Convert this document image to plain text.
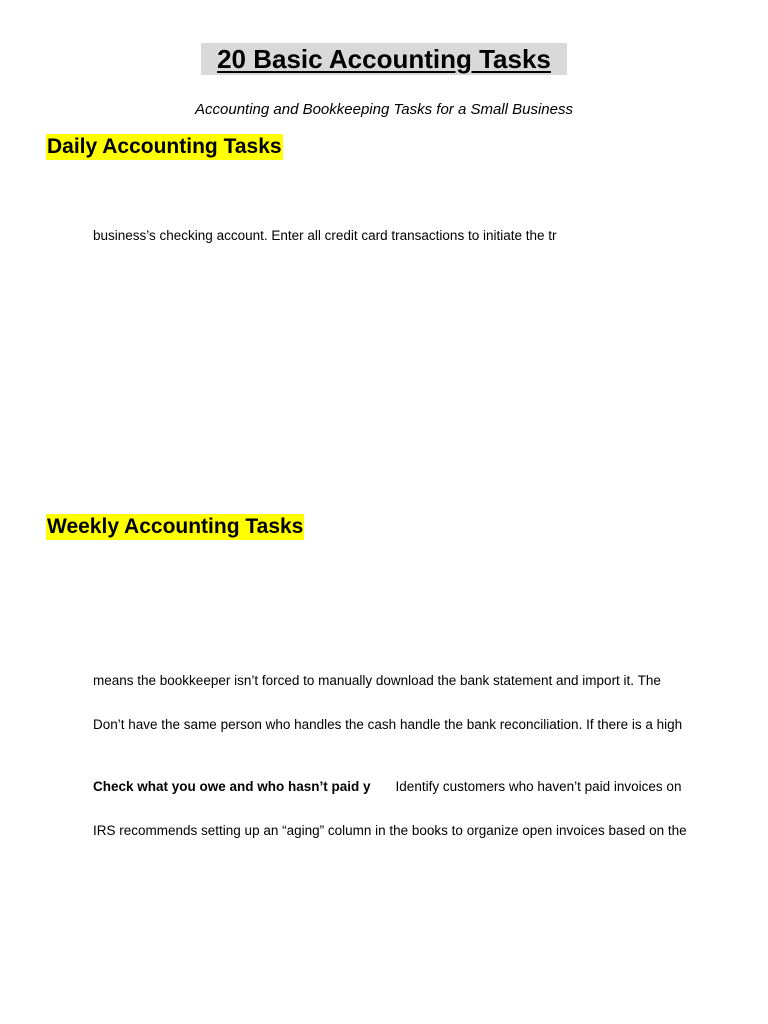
20 Basic Accounting Tasks
Accounting and Bookkeeping Tasks for a Small Business
Daily Accounting Tasks
business’s checking account. Enter all credit card transactions to initiate the tr
Weekly Accounting Tasks
means the bookkeeper isn’t forced to manually download the bank statement and import it. The
Don’t have the same person who handles the cash handle the bank reconciliation. If there is a high
Check what you owe and who hasn’t paid y Identify customers who haven’t paid invoices on
IRS recommends setting up an “aging” column in the books to organize open invoices based on the
